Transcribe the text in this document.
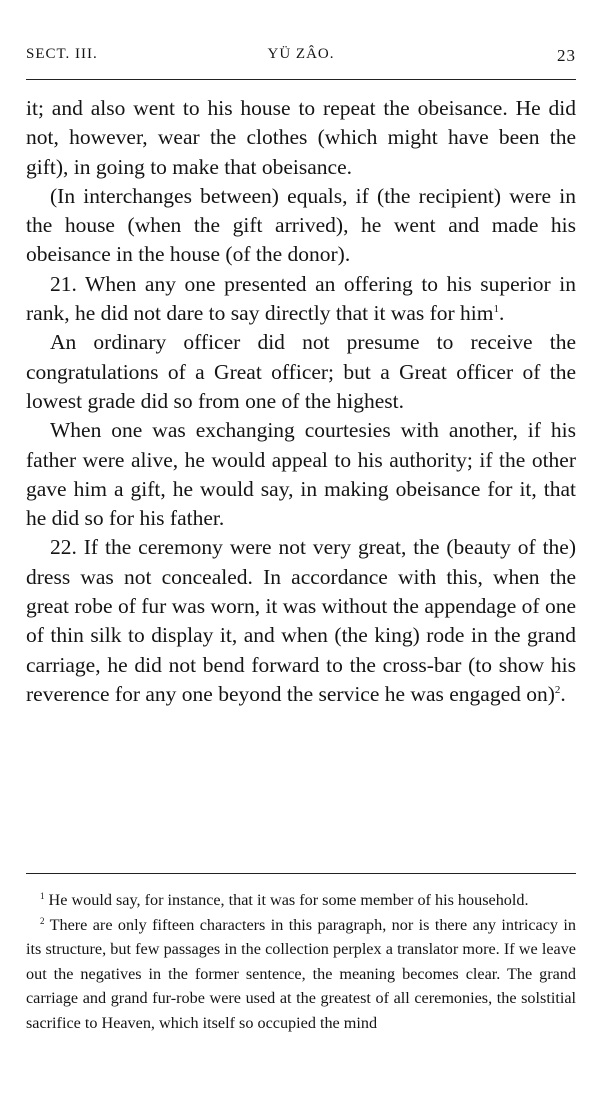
SECT. III.	YÜ ZÂO.	23

it; and also went to his house to repeat the obeisance. He did not, however, wear the clothes (which might have been the gift), in going to make that obeisance.

(In interchanges between) equals, if (the recipient) were in the house (when the gift arrived), he went and made his obeisance in the house (of the donor).

21. When any one presented an offering to his superior in rank, he did not dare to say directly that it was for him$^1$.

An ordinary officer did not presume to receive the congratulations of a Great officer; but a Great officer of the lowest grade did so from one of the highest.

When one was exchanging courtesies with another, if his father were alive, he would appeal to his authority; if the other gave him a gift, he would say, in making obeisance for it, that he did so for his father.

22. If the ceremony were not very great, the (beauty of the) dress was not concealed. In accordance with this, when the great robe of fur was worn, it was without the appendage of one of thin silk to display it, and when (the king) rode in the grand carriage, he did not bend forward to the cross-bar (to show his reverence for any one beyond the service he was engaged on)$^2$.

$^1$ He would say, for instance, that it was for some member of his household.

$^2$ There are only fifteen characters in this paragraph, nor is there any intricacy in its structure, but few passages in the collection perplex a translator more. If we leave out the negatives in the former sentence, the meaning becomes clear. The grand carriage and grand fur-robe were used at the greatest of all ceremonies, the solstitial sacrifice to Heaven, which itself so occupied the mind
